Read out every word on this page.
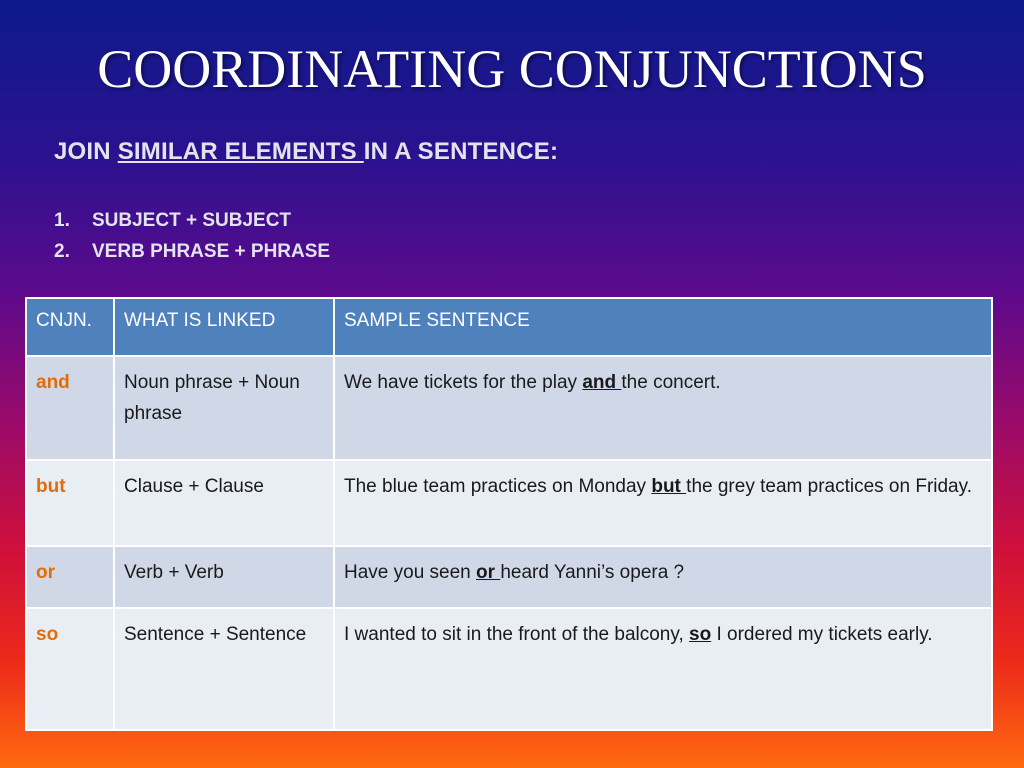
COORDINATING CONJUNCTIONS
JOIN SIMILAR ELEMENTS IN A SENTENCE:
1. SUBJECT + SUBJECT
2. VERB PHRASE + PHRASE
CNJN.	WHAT IS LINKED	SAMPLE SENTENCE
and	Noun phrase + Noun phrase	We have tickets for the play and the concert.
but	Clause + Clause	The blue team practices on Monday but the grey team practices on Friday.
or	Verb + Verb	Have you seen or heard Yanni’s opera ?
so	Sentence + Sentence	I wanted to sit in the front of the balcony, so I ordered my tickets early.
